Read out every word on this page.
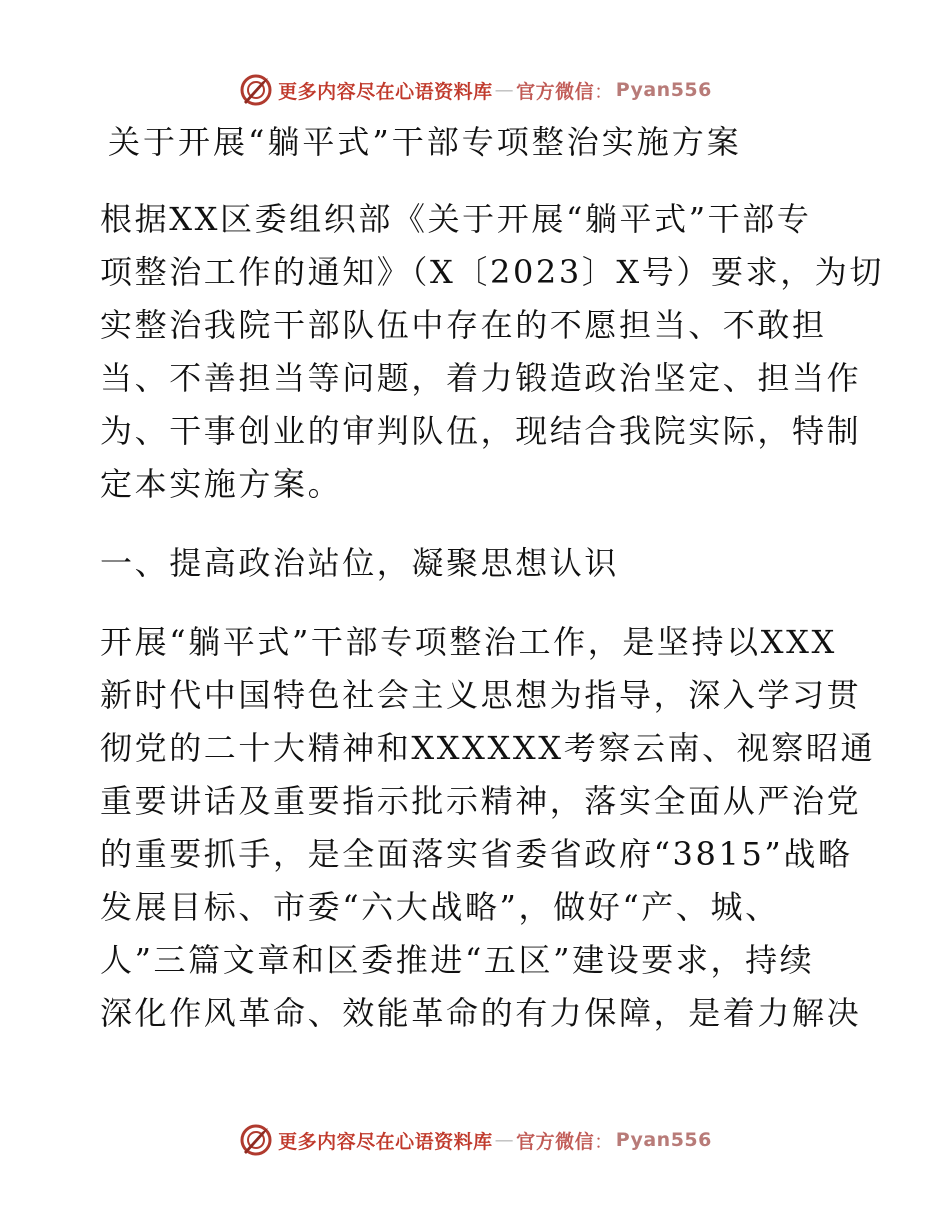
更多内容尽在心语资料库 — 官方微信 ： Pyan556
关于开展“躺平式”干部专项整治实施方案

根据XX区委组织部《关于开展“躺平式”干部专
项整治工作的通知》（X〔2023〕X号）要求，为切
实整治我院干部队伍中存在的不愿担当、不敢担
当、不善担当等问题，着力锻造政治坚定、担当作
为、干事创业的审判队伍，现结合我院实际，特制
定本实施方案。

一、提高政治站位，凝聚思想认识

开展“躺平式”干部专项整治工作，是坚持以XXX
新时代中国特色社会主义思想为指导，深入学习贯
彻党的二十大精神和XXXXXX考察云南、视察昭通
重要讲话及重要指示批示精神，落实全面从严治党
的重要抓手，是全面落实省委省政府“3815”战略
发展目标、市委“六大战略”，做好“产、城、
人”三篇文章和区委推进“五区”建设要求，持续
深化作风革命、效能革命的有力保障，是着力解决

更多内容尽在心语资料库 — 官方微信 ： Pyan556
